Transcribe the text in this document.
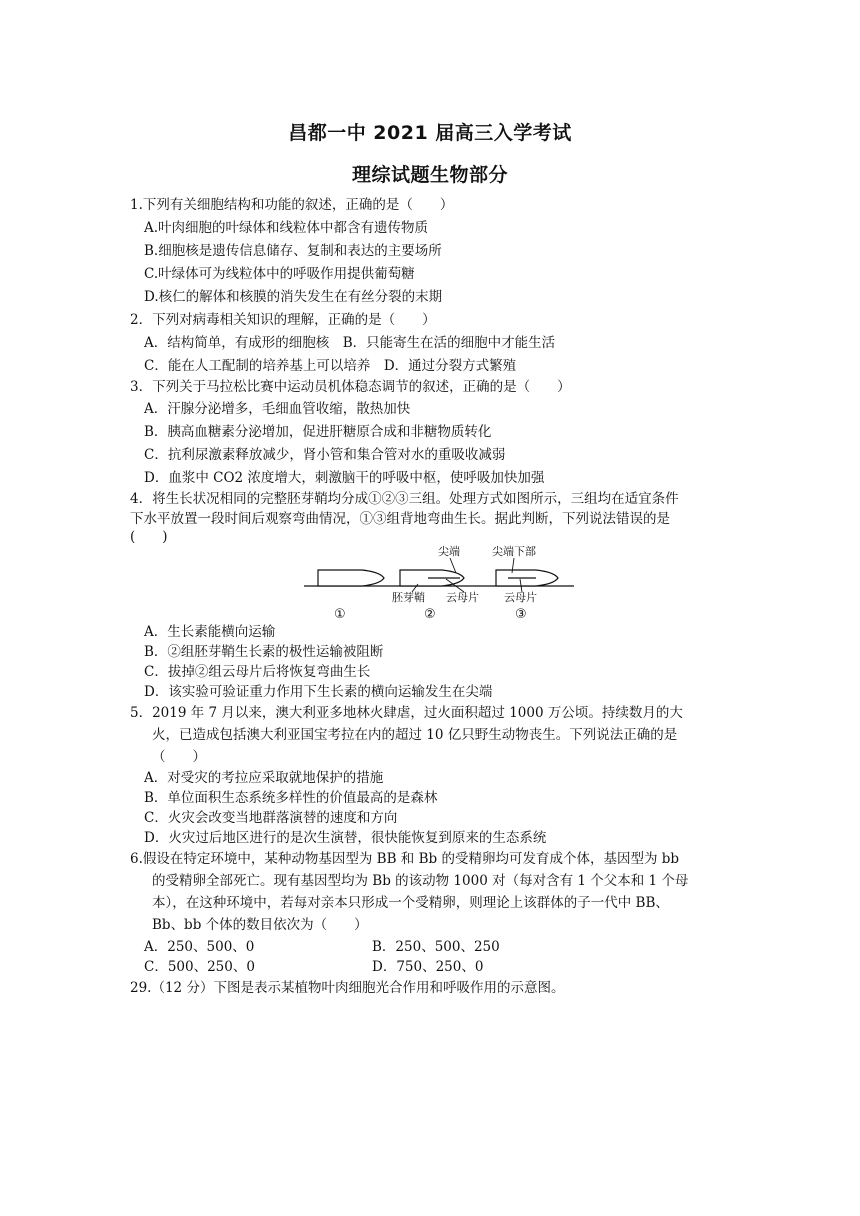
昌都一中 2021 届高三入学考试
理综试题生物部分
1.下列有关细胞结构和功能的叙述，正确的是（　　）
A.叶肉细胞的叶绿体和线粒体中都含有遗传物质
B.细胞核是遗传信息储存、复制和表达的主要场所
C.叶绿体可为线粒体中的呼吸作用提供葡萄糖
D.核仁的解体和核膜的消失发生在有丝分裂的末期
2．下列对病毒相关知识的理解，正确的是（　　）
A．结构简单，有成形的细胞核　B．只能寄生在活的细胞中才能生活
C．能在人工配制的培养基上可以培养　D．通过分裂方式繁殖
3．下列关于马拉松比赛中运动员机体稳态调节的叙述，正确的是（　　）
A．汗腺分泌增多，毛细血管收缩，散热加快
B．胰高血糖素分泌增加，促进肝糖原合成和非糖物质转化
C．抗利尿激素释放减少，肾小管和集合管对水的重吸收减弱
D．血浆中 CO2 浓度增大，刺激脑干的呼吸中枢，使呼吸加快加强
4．将生长状况相同的完整胚芽鞘均分成①②③三组。处理方式如图所示，三组均在适宜条件
下水平放置一段时间后观察弯曲情况，①③组背地弯曲生长。据此判断，下列说法错误的是
(　　)
尖端	尖端下部
胚芽鞘 云母片 云母片
①	②	③
A．生长素能横向运输
B．②组胚芽鞘生长素的极性运输被阻断
C．拔掉②组云母片后将恢复弯曲生长
D．该实验可验证重力作用下生长素的横向运输发生在尖端
5．2019 年 7 月以来，澳大利亚多地林火肆虐，过火面积超过 1000 万公顷。持续数月的大
火，已造成包括澳大利亚国宝考拉在内的超过 10 亿只野生动物丧生。下列说法正确的是
（　　）
A．对受灾的考拉应采取就地保护的措施
B．单位面积生态系统多样性的价值最高的是森林
C．火灾会改变当地群落演替的速度和方向
D．火灾过后地区进行的是次生演替，很快能恢复到原来的生态系统
6.假设在特定环境中，某种动物基因型为 BB 和 Bb 的受精卵均可发育成个体，基因型为 bb
的受精卵全部死亡。现有基因型均为 Bb 的该动物 1000 对（每对含有 1 个父本和 1 个母
本），在这种环境中，若每对亲本只形成一个受精卵，则理论上该群体的子一代中 BB、
Bb、bb 个体的数目依次为（　　）
A．250、500、0	B．250、500、250
C．500、250、0	D．750、250、0
29.（12 分）下图是表示某植物叶肉细胞光合作用和呼吸作用的示意图。
